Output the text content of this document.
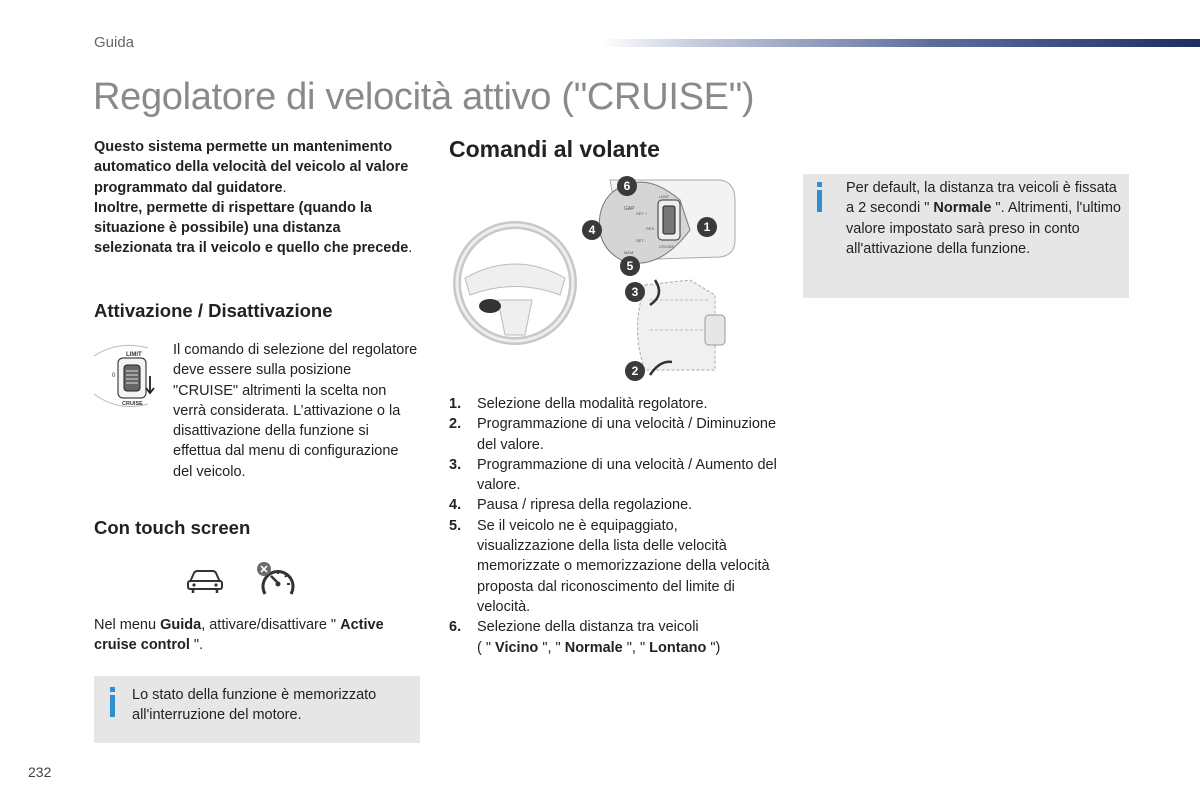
Guida
Regolatore di velocità attivo ("CRUISE")
Questo sistema permette un mantenimento automatico della velocità del veicolo al valore programmato dal guidatore.
Inoltre, permette di rispettare (quando la situazione è possibile) una distanza selezionata tra il veicolo e quello che precede.
Attivazione / Disattivazione
LIMIT
0
CRUISE
Il comando di selezione del regolatore deve essere sulla posizione "CRUISE" altrimenti la scelta non verrà considerata. L’attivazione o la disattivazione della funzione si effettua dal menu di configurazione del veicolo.
Con touch screen
Nel menu Guida, attivare/disattivare " Active cruise control ".
Lo stato della funzione è memorizzato all'interruzione del motore.
Comandi al volante
GAP
SET +
SET -
LIMIT
CRUISE
MEM
RES	1
2
3
4
5
6
1. Selezione della modalità regolatore.
2. Programmazione di una velocità / Diminuzione del valore.
3. Programmazione di una velocità / Aumento del valore.
4. Pausa / ripresa della regolazione.
5. Se il veicolo ne è equipaggiato, visualizzazione della lista delle velocità memorizzate o memorizzazione della velocità proposta dal riconoscimento del limite di velocità.
6. Selezione della distanza tra veicoli
( " Vicino ", " Normale ", " Lontano ")
Per default, la distanza tra veicoli è fissata a 2 secondi " Normale ". Altrimenti, l'ultimo valore impostato sarà preso in conto all'attivazione della funzione.
232
